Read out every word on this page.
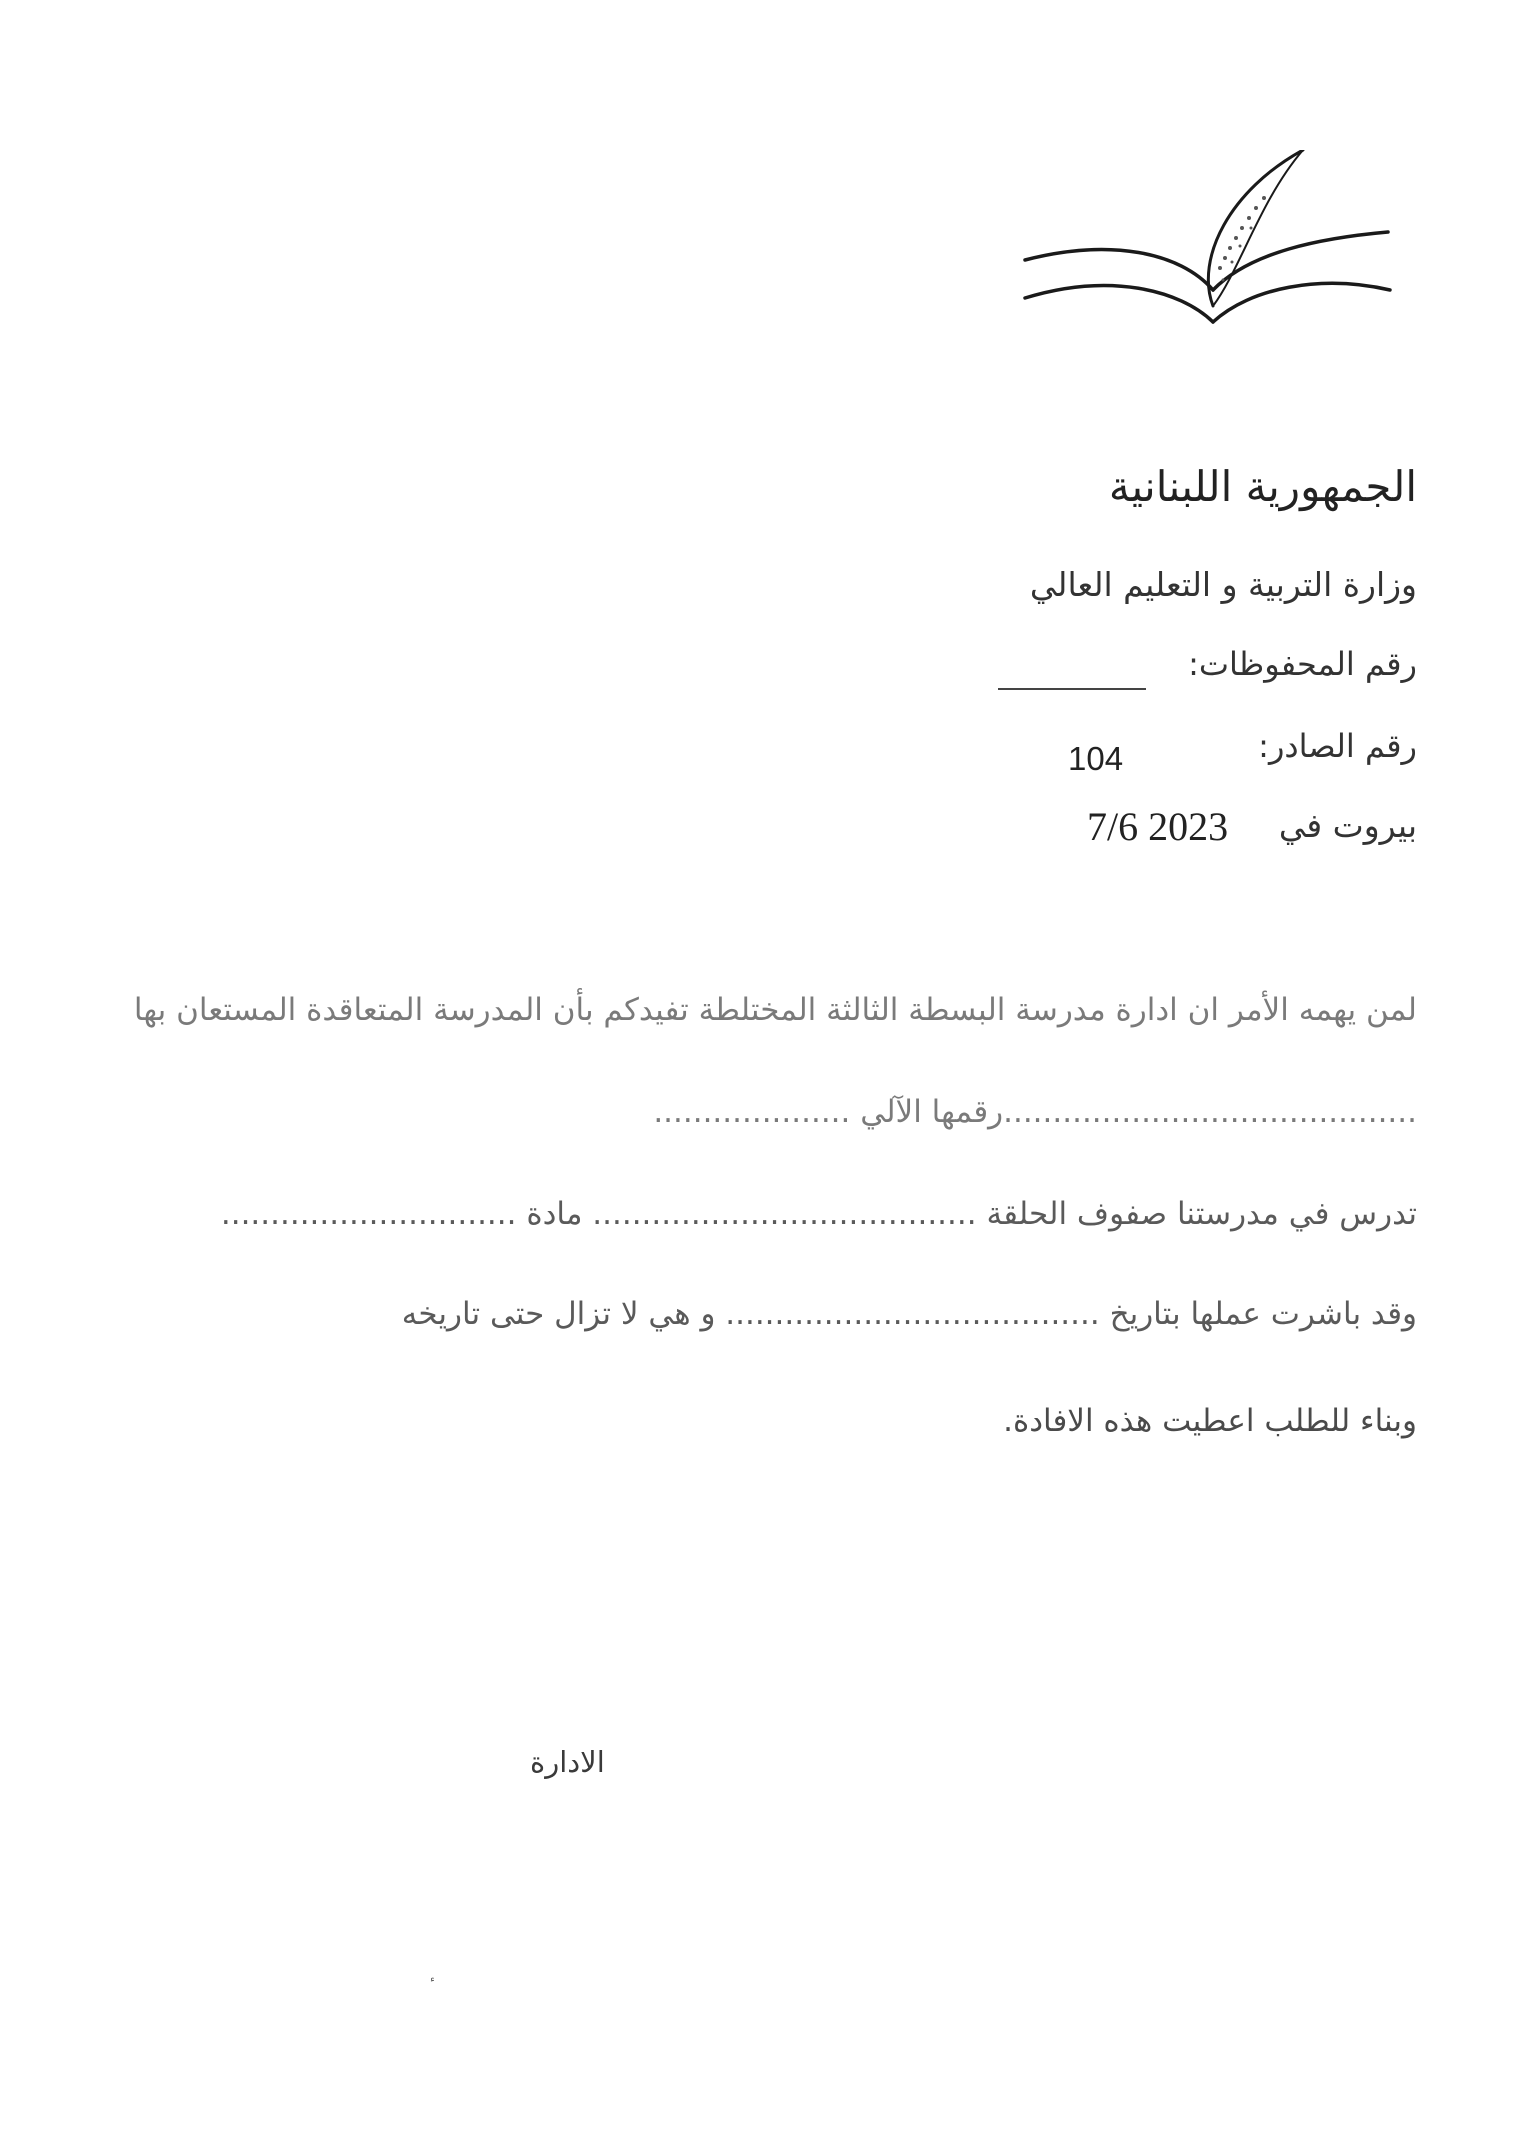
الجمهورية اللبنانية
وزارة التربية و التعليم العالي
رقم المحفوظات:
رقم الصادر:
104
بيروت في
7/6 2023
لمن يهمه الأمر ان ادارة مدرسة البسطة الثالثة المختلطة تفيدكم بأن المدرسة المتعاقدة المستعان بها
..........................................رقمها الآلي ....................
تدرس في مدرستنا صفوف الحلقة ....................................... مادة ..............................
وقد باشرت عملها بتاريخ ...................................... و هي لا تزال حتى تاريخه
وبناء للطلب اعطيت هذه الافادة.
الادارة
